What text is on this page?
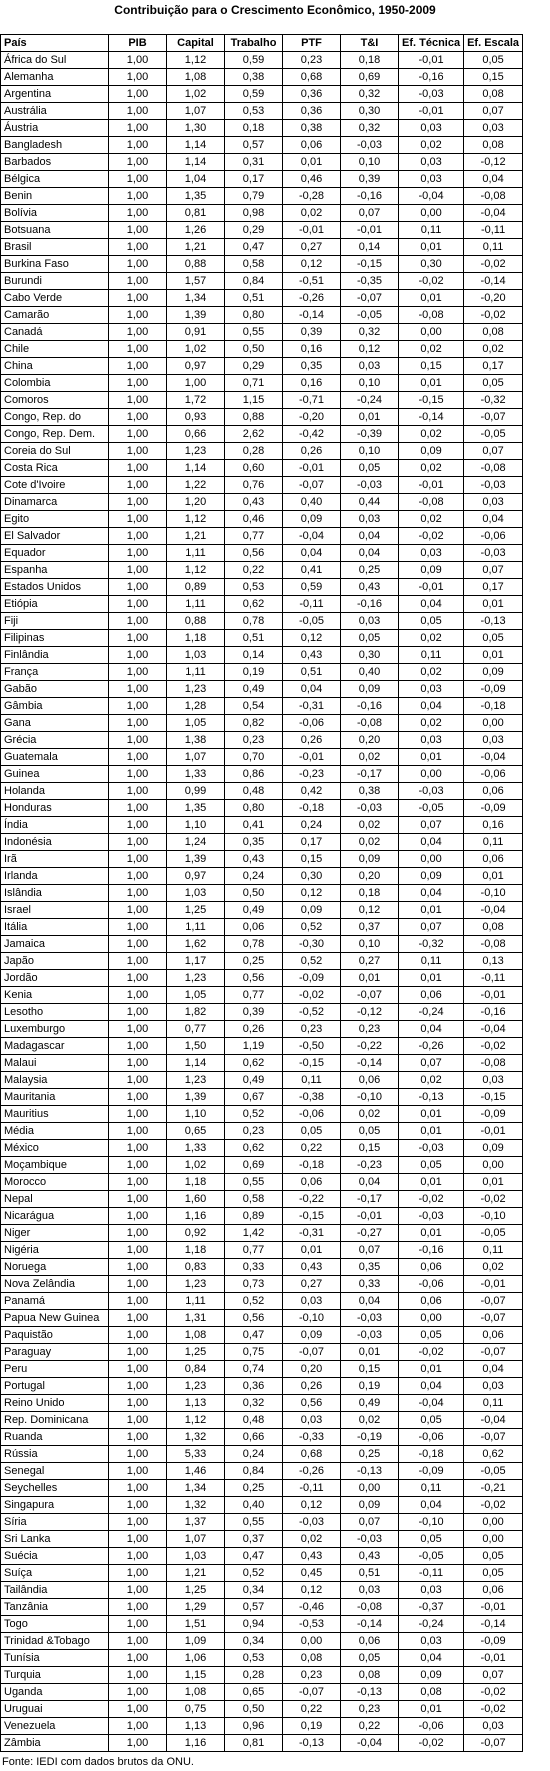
Contribuição para o Crescimento Econômico, 1950-2009
País	PIB	Capital	Trabalho	PTF	T&I	Ef. Técnica	Ef. Escala
África do Sul	1,00	1,12	0,59	0,23	0,18	-0,01	0,05
Alemanha	1,00	1,08	0,38	0,68	0,69	-0,16	0,15
Argentina	1,00	1,02	0,59	0,36	0,32	-0,03	0,08
Austrália	1,00	1,07	0,53	0,36	0,30	-0,01	0,07
Áustria	1,00	1,30	0,18	0,38	0,32	0,03	0,03
Bangladesh	1,00	1,14	0,57	0,06	-0,03	0,02	0,08
Barbados	1,00	1,14	0,31	0,01	0,10	0,03	-0,12
Bélgica	1,00	1,04	0,17	0,46	0,39	0,03	0,04
Benin	1,00	1,35	0,79	-0,28	-0,16	-0,04	-0,08
Bolívia	1,00	0,81	0,98	0,02	0,07	0,00	-0,04
Botsuana	1,00	1,26	0,29	-0,01	-0,01	0,11	-0,11
Brasil	1,00	1,21	0,47	0,27	0,14	0,01	0,11
Burkina Faso	1,00	0,88	0,58	0,12	-0,15	0,30	-0,02
Burundi	1,00	1,57	0,84	-0,51	-0,35	-0,02	-0,14
Cabo Verde	1,00	1,34	0,51	-0,26	-0,07	0,01	-0,20
Camarão	1,00	1,39	0,80	-0,14	-0,05	-0,08	-0,02
Canadá	1,00	0,91	0,55	0,39	0,32	0,00	0,08
Chile	1,00	1,02	0,50	0,16	0,12	0,02	0,02
China	1,00	0,97	0,29	0,35	0,03	0,15	0,17
Colombia	1,00	1,00	0,71	0,16	0,10	0,01	0,05
Comoros	1,00	1,72	1,15	-0,71	-0,24	-0,15	-0,32
Congo, Rep. do	1,00	0,93	0,88	-0,20	0,01	-0,14	-0,07
Congo, Rep. Dem.	1,00	0,66	2,62	-0,42	-0,39	0,02	-0,05
Coreia do Sul	1,00	1,23	0,28	0,26	0,10	0,09	0,07
Costa Rica	1,00	1,14	0,60	-0,01	0,05	0,02	-0,08
Cote d'Ivoire	1,00	1,22	0,76	-0,07	-0,03	-0,01	-0,03
Dinamarca	1,00	1,20	0,43	0,40	0,44	-0,08	0,03
Egito	1,00	1,12	0,46	0,09	0,03	0,02	0,04
El Salvador	1,00	1,21	0,77	-0,04	0,04	-0,02	-0,06
Equador	1,00	1,11	0,56	0,04	0,04	0,03	-0,03
Espanha	1,00	1,12	0,22	0,41	0,25	0,09	0,07
Estados Unidos	1,00	0,89	0,53	0,59	0,43	-0,01	0,17
Etiópia	1,00	1,11	0,62	-0,11	-0,16	0,04	0,01
Fiji	1,00	0,88	0,78	-0,05	0,03	0,05	-0,13
Filipinas	1,00	1,18	0,51	0,12	0,05	0,02	0,05
Finlândia	1,00	1,03	0,14	0,43	0,30	0,11	0,01
França	1,00	1,11	0,19	0,51	0,40	0,02	0,09
Gabão	1,00	1,23	0,49	0,04	0,09	0,03	-0,09
Gâmbia	1,00	1,28	0,54	-0,31	-0,16	0,04	-0,18
Gana	1,00	1,05	0,82	-0,06	-0,08	0,02	0,00
Grécia	1,00	1,38	0,23	0,26	0,20	0,03	0,03
Guatemala	1,00	1,07	0,70	-0,01	0,02	0,01	-0,04
Guinea	1,00	1,33	0,86	-0,23	-0,17	0,00	-0,06
Holanda	1,00	0,99	0,48	0,42	0,38	-0,03	0,06
Honduras	1,00	1,35	0,80	-0,18	-0,03	-0,05	-0,09
Índia	1,00	1,10	0,41	0,24	0,02	0,07	0,16
Indonésia	1,00	1,24	0,35	0,17	0,02	0,04	0,11
Irã	1,00	1,39	0,43	0,15	0,09	0,00	0,06
Irlanda	1,00	0,97	0,24	0,30	0,20	0,09	0,01
Islândia	1,00	1,03	0,50	0,12	0,18	0,04	-0,10
Israel	1,00	1,25	0,49	0,09	0,12	0,01	-0,04
Itália	1,00	1,11	0,06	0,52	0,37	0,07	0,08
Jamaica	1,00	1,62	0,78	-0,30	0,10	-0,32	-0,08
Japão	1,00	1,17	0,25	0,52	0,27	0,11	0,13
Jordão	1,00	1,23	0,56	-0,09	0,01	0,01	-0,11
Kenia	1,00	1,05	0,77	-0,02	-0,07	0,06	-0,01
Lesotho	1,00	1,82	0,39	-0,52	-0,12	-0,24	-0,16
Luxemburgo	1,00	0,77	0,26	0,23	0,23	0,04	-0,04
Madagascar	1,00	1,50	1,19	-0,50	-0,22	-0,26	-0,02
Malaui	1,00	1,14	0,62	-0,15	-0,14	0,07	-0,08
Malaysia	1,00	1,23	0,49	0,11	0,06	0,02	0,03
Mauritania	1,00	1,39	0,67	-0,38	-0,10	-0,13	-0,15
Mauritius	1,00	1,10	0,52	-0,06	0,02	0,01	-0,09
Média	1,00	0,65	0,23	0,05	0,05	0,01	-0,01
México	1,00	1,33	0,62	0,22	0,15	-0,03	0,09
Moçambique	1,00	1,02	0,69	-0,18	-0,23	0,05	0,00
Morocco	1,00	1,18	0,55	0,06	0,04	0,01	0,01
Nepal	1,00	1,60	0,58	-0,22	-0,17	-0,02	-0,02
Nicarágua	1,00	1,16	0,89	-0,15	-0,01	-0,03	-0,10
Niger	1,00	0,92	1,42	-0,31	-0,27	0,01	-0,05
Nigéria	1,00	1,18	0,77	0,01	0,07	-0,16	0,11
Noruega	1,00	0,83	0,33	0,43	0,35	0,06	0,02
Nova Zelândia	1,00	1,23	0,73	0,27	0,33	-0,06	-0,01
Panamá	1,00	1,11	0,52	0,03	0,04	0,06	-0,07
Papua New Guinea	1,00	1,31	0,56	-0,10	-0,03	0,00	-0,07
Paquistão	1,00	1,08	0,47	0,09	-0,03	0,05	0,06
Paraguay	1,00	1,25	0,75	-0,07	0,01	-0,02	-0,07
Peru	1,00	0,84	0,74	0,20	0,15	0,01	0,04
Portugal	1,00	1,23	0,36	0,26	0,19	0,04	0,03
Reino Unido	1,00	1,13	0,32	0,56	0,49	-0,04	0,11
Rep. Dominicana	1,00	1,12	0,48	0,03	0,02	0,05	-0,04
Ruanda	1,00	1,32	0,66	-0,33	-0,19	-0,06	-0,07
Rússia	1,00	5,33	0,24	0,68	0,25	-0,18	0,62
Senegal	1,00	1,46	0,84	-0,26	-0,13	-0,09	-0,05
Seychelles	1,00	1,34	0,25	-0,11	0,00	0,11	-0,21
Singapura	1,00	1,32	0,40	0,12	0,09	0,04	-0,02
Síria	1,00	1,37	0,55	-0,03	0,07	-0,10	0,00
Sri Lanka	1,00	1,07	0,37	0,02	-0,03	0,05	0,00
Suécia	1,00	1,03	0,47	0,43	0,43	-0,05	0,05
Suíça	1,00	1,21	0,52	0,45	0,51	-0,11	0,05
Tailândia	1,00	1,25	0,34	0,12	0,03	0,03	0,06
Tanzânia	1,00	1,29	0,57	-0,46	-0,08	-0,37	-0,01
Togo	1,00	1,51	0,94	-0,53	-0,14	-0,24	-0,14
Trinidad &Tobago	1,00	1,09	0,34	0,00	0,06	0,03	-0,09
Tunísia	1,00	1,06	0,53	0,08	0,05	0,04	-0,01
Turquia	1,00	1,15	0,28	0,23	0,08	0,09	0,07
Uganda	1,00	1,08	0,65	-0,07	-0,13	0,08	-0,02
Uruguai	1,00	0,75	0,50	0,22	0,23	0,01	-0,02
Venezuela	1,00	1,13	0,96	0,19	0,22	-0,06	0,03
Zâmbia	1,00	1,16	0,81	-0,13	-0,04	-0,02	-0,07
Fonte: IEDI com dados brutos da ONU.
